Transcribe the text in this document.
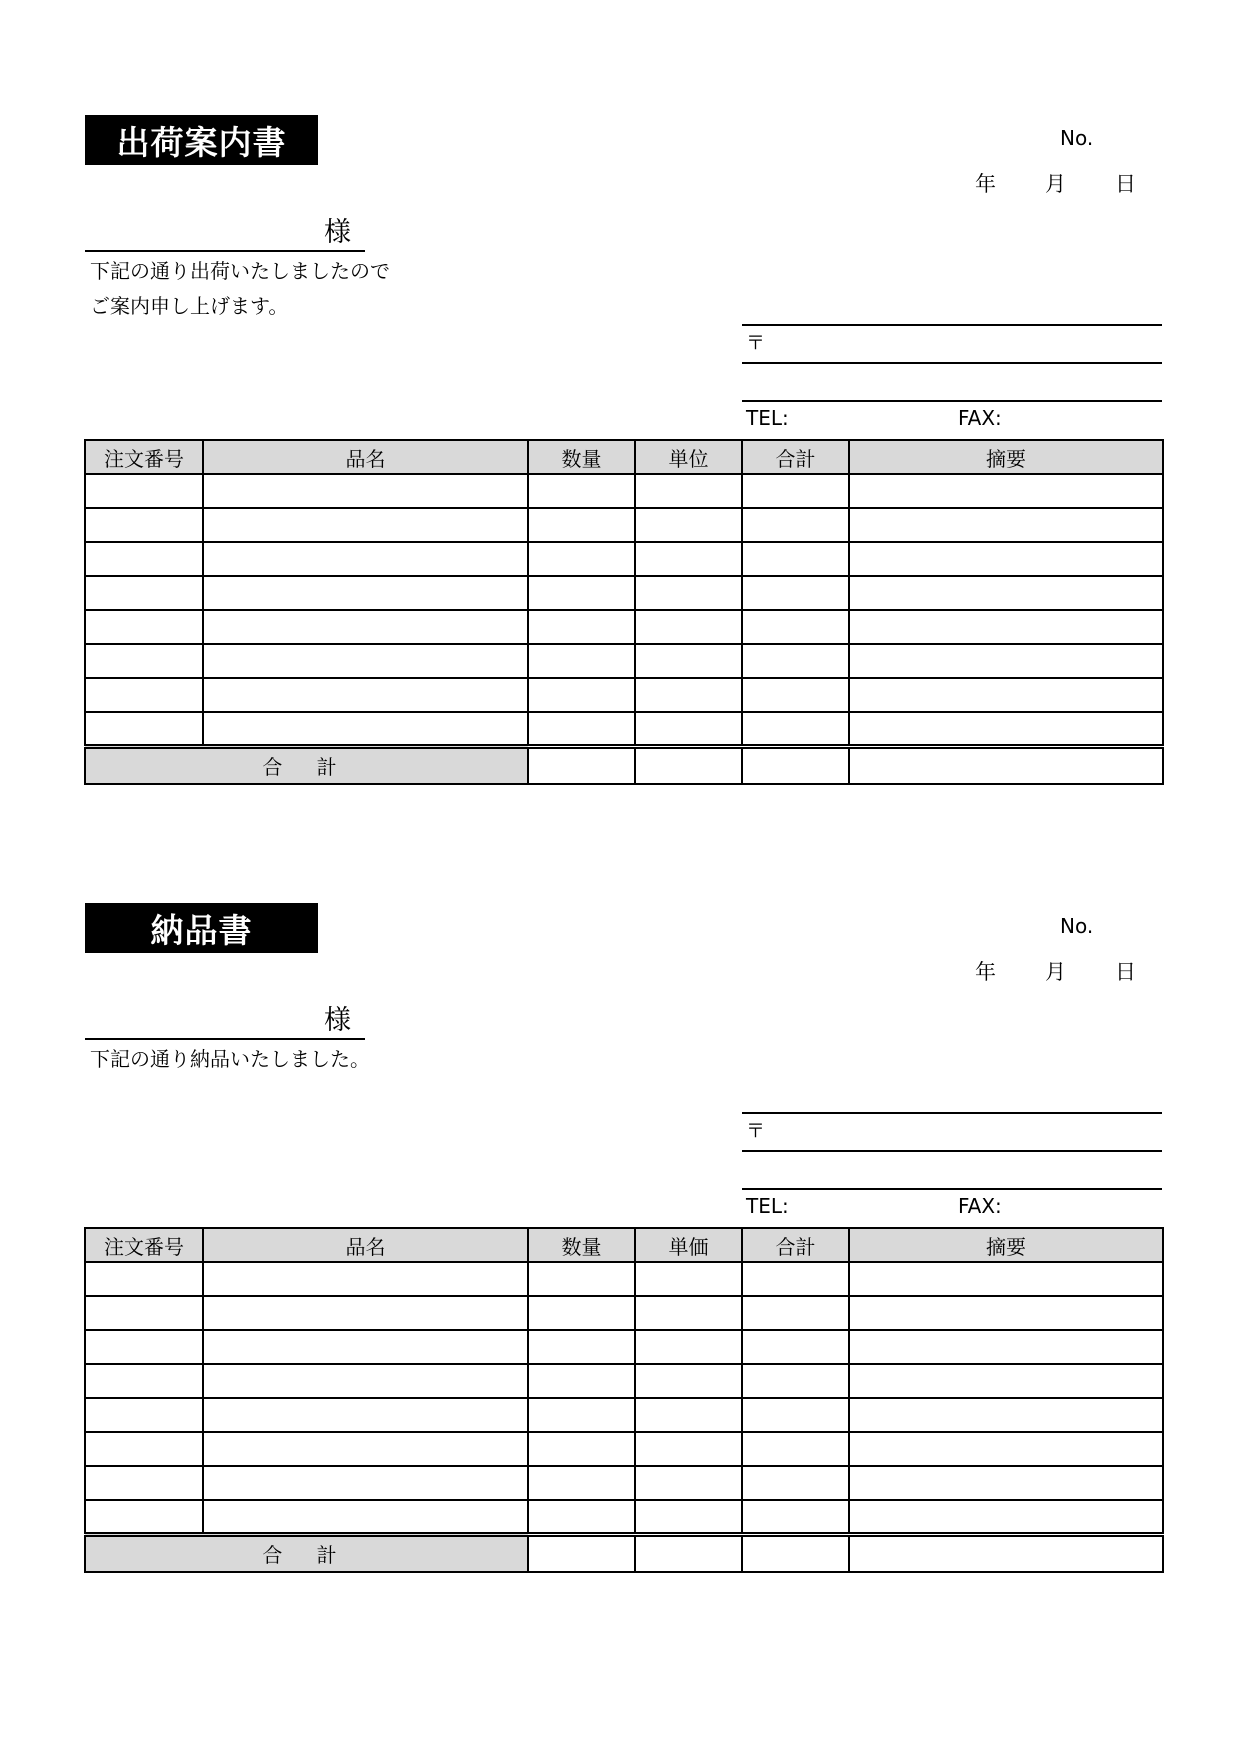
出荷案内書	No.
年 月 日
様
下記の通り出荷いたしましたので
ご案内申し上げます。
〒
TEL:	FAX:
注文番号	品名	数量	単位	合計	摘要

合 計					
納品書	No.
年 月 日
様
下記の通り納品いたしました。
〒
TEL:	FAX:
注文番号	品名	数量	単価	合計	摘要

合 計					
